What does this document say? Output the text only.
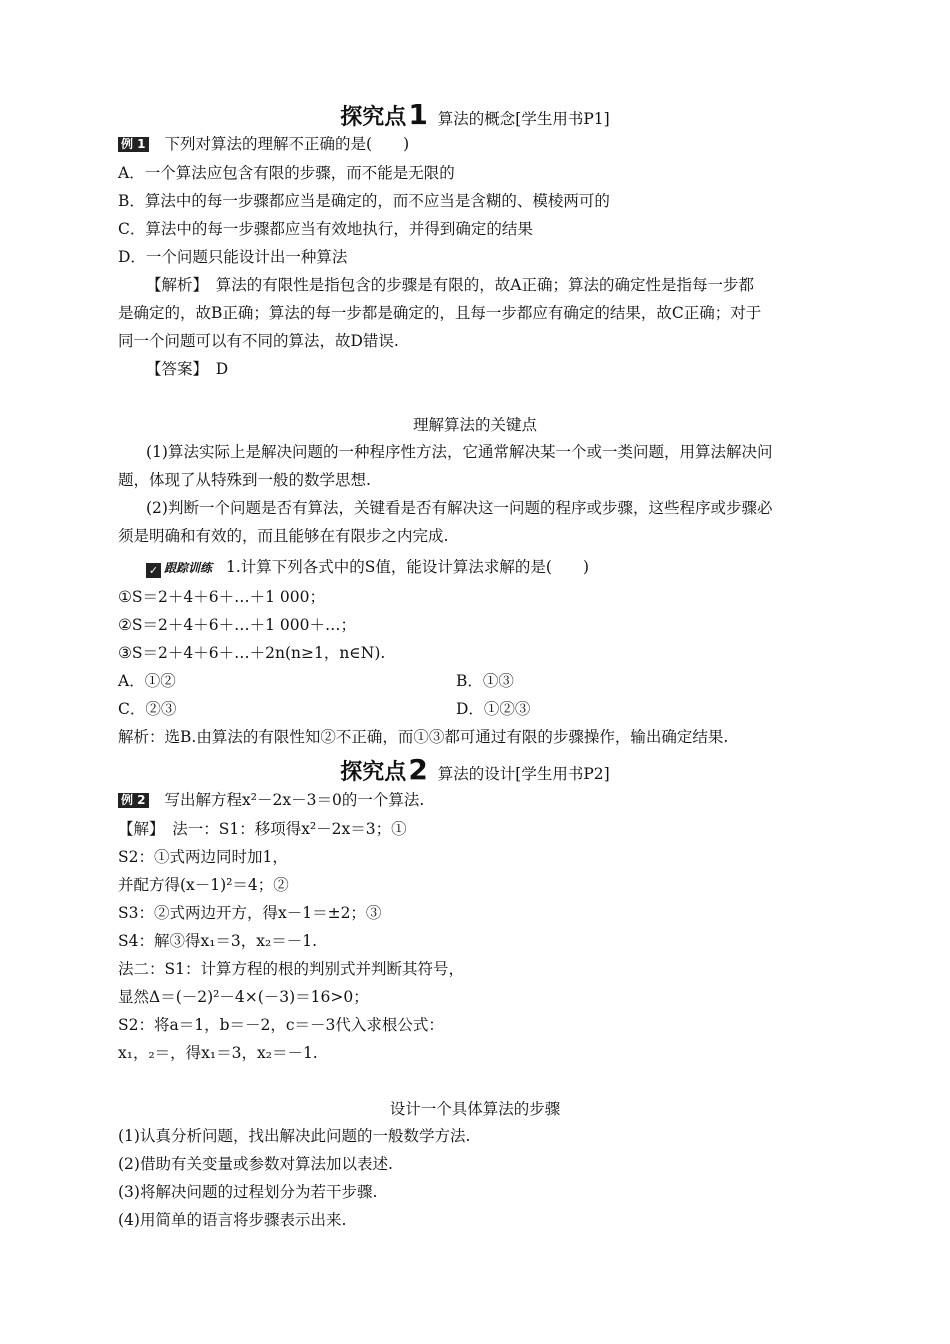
探究点1 算法的概念[学生用书P1]
例 1 下列对算法的理解不正确的是(　　)
A．一个算法应包含有限的步骤，而不能是无限的
B．算法中的每一步骤都应当是确定的，而不应当是含糊的、模棱两可的
C．算法中的每一步骤都应当有效地执行，并得到确定的结果
D．一个问题只能设计出一种算法
【解析】　算法的有限性是指包含的步骤是有限的，故A正确；算法的确定性是指每一步都
是确定的，故B正确；算法的每一步都是确定的，且每一步都应有确定的结果，故C正确；对于
同一个问题可以有不同的算法，故D错误.
【答案】　D
理解算法的关键点
(1)算法实际上是解决问题的一种程序性方法，它通常解决某一个或一类问题，用算法解决问
题，体现了从特殊到一般的数学思想.
(2)判断一个问题是否有算法，关键看是否有解决这一问题的程序或步骤，这些程序或步骤必
须是明确和有效的，而且能够在有限步之内完成.
✓ 跟踪训练 1.计算下列各式中的S值，能设计算法求解的是(　　)
①S＝2＋4＋6＋…＋1 000；
②S＝2＋4＋6＋…＋1 000＋…；
③S＝2＋4＋6＋…＋2n(n≥1，n∈N).
A．①②	B．①③
C．②③	D．①②③
解析：选B.由算法的有限性知②不正确，而①③都可通过有限的步骤操作，输出确定结果.
探究点2 算法的设计[学生用书P2]
例 2 写出解方程x²－2x－3＝0的一个算法.
【解】　法一：S1：移项得x²－2x＝3；①
S2：①式两边同时加1，
并配方得(x－1)²＝4；②
S3：②式两边开方，得x－1＝±2；③
S4：解③得x₁＝3，x₂＝－1.
法二：S1：计算方程的根的判别式并判断其符号，
显然Δ＝(－2)²－4×(－3)＝16>0；
S2：将a＝1，b＝－2，c＝－3代入求根公式：
x₁，₂＝，得x₁＝3，x₂＝－1.
设计一个具体算法的步骤
(1)认真分析问题，找出解决此问题的一般数学方法.
(2)借助有关变量或参数对算法加以表述.
(3)将解决问题的过程划分为若干步骤.
(4)用简单的语言将步骤表示出来.
